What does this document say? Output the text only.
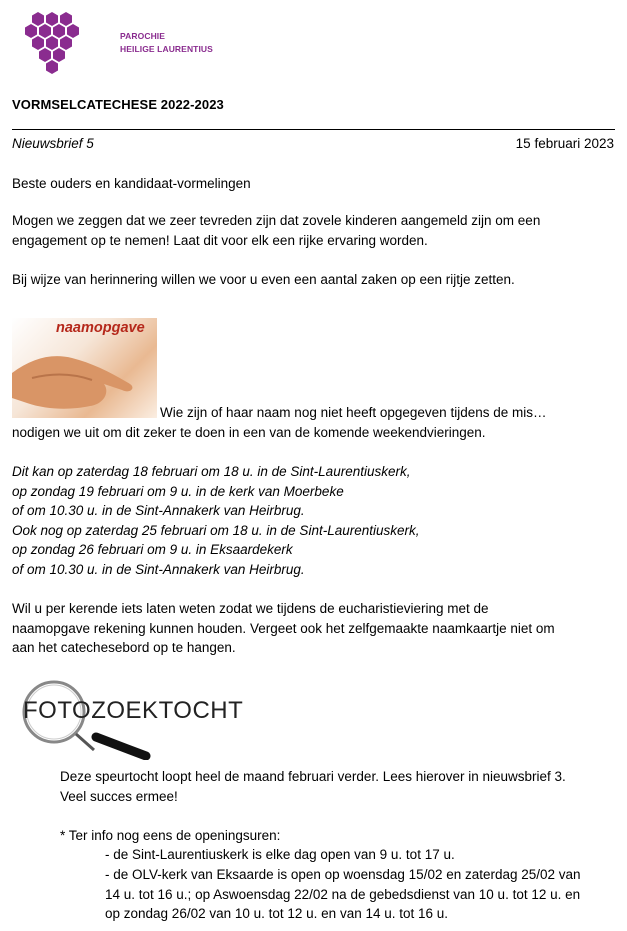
PAROCHIE
HEILIGE LAURENTIUS
VORMSELCATECHESE 2022-2023
Nieuwsbrief 5	15 februari 2023
Beste ouders en kandidaat-vormelingen
Mogen we zeggen dat we zeer tevreden zijn dat zovele kinderen aangemeld zijn om een
engagement op te nemen! Laat dit voor elk een rijke ervaring worden.
Bij wijze van herinnering willen we voor u even een aantal zaken op een rijtje zetten.
naamopgave
Wie zijn of haar naam nog niet heeft opgegeven tijdens de mis…
nodigen we uit om dit zeker te doen in een van de komende weekendvieringen.
Dit kan op zaterdag 18 februari om 18 u. in de Sint-Laurentiuskerk,
op zondag 19 februari om 9 u. in de kerk van Moerbeke
of om 10.30 u. in de Sint-Annakerk van Heirbrug.
Ook nog op zaterdag 25 februari om 18 u. in de Sint-Laurentiuskerk,
op zondag 26 februari om 9 u. in Eksaardekerk
of om 10.30 u. in de Sint-Annakerk van Heirbrug.
Wil u per kerende iets laten weten zodat we tijdens de eucharistieviering met de
naamopgave rekening kunnen houden. Vergeet ook het zelfgemaakte naamkaartje niet om
aan het catechesebord op te hangen.
FOTOZOEKTOCHT
Deze speurtocht loopt heel de maand februari verder. Lees hierover in nieuwsbrief 3.
Veel succes ermee!
* Ter info nog eens de openingsuren:
- de Sint-Laurentiuskerk is elke dag open van 9 u. tot 17 u.
- de OLV-kerk van Eksaarde is open op woensdag 15/02 en zaterdag 25/02 van
14 u. tot 16 u.; op Aswoensdag 22/02 na de gebedsdienst van 10 u. tot 12 u. en
op zondag 26/02 van 10 u. tot 12 u. en van 14 u. tot 16 u.
